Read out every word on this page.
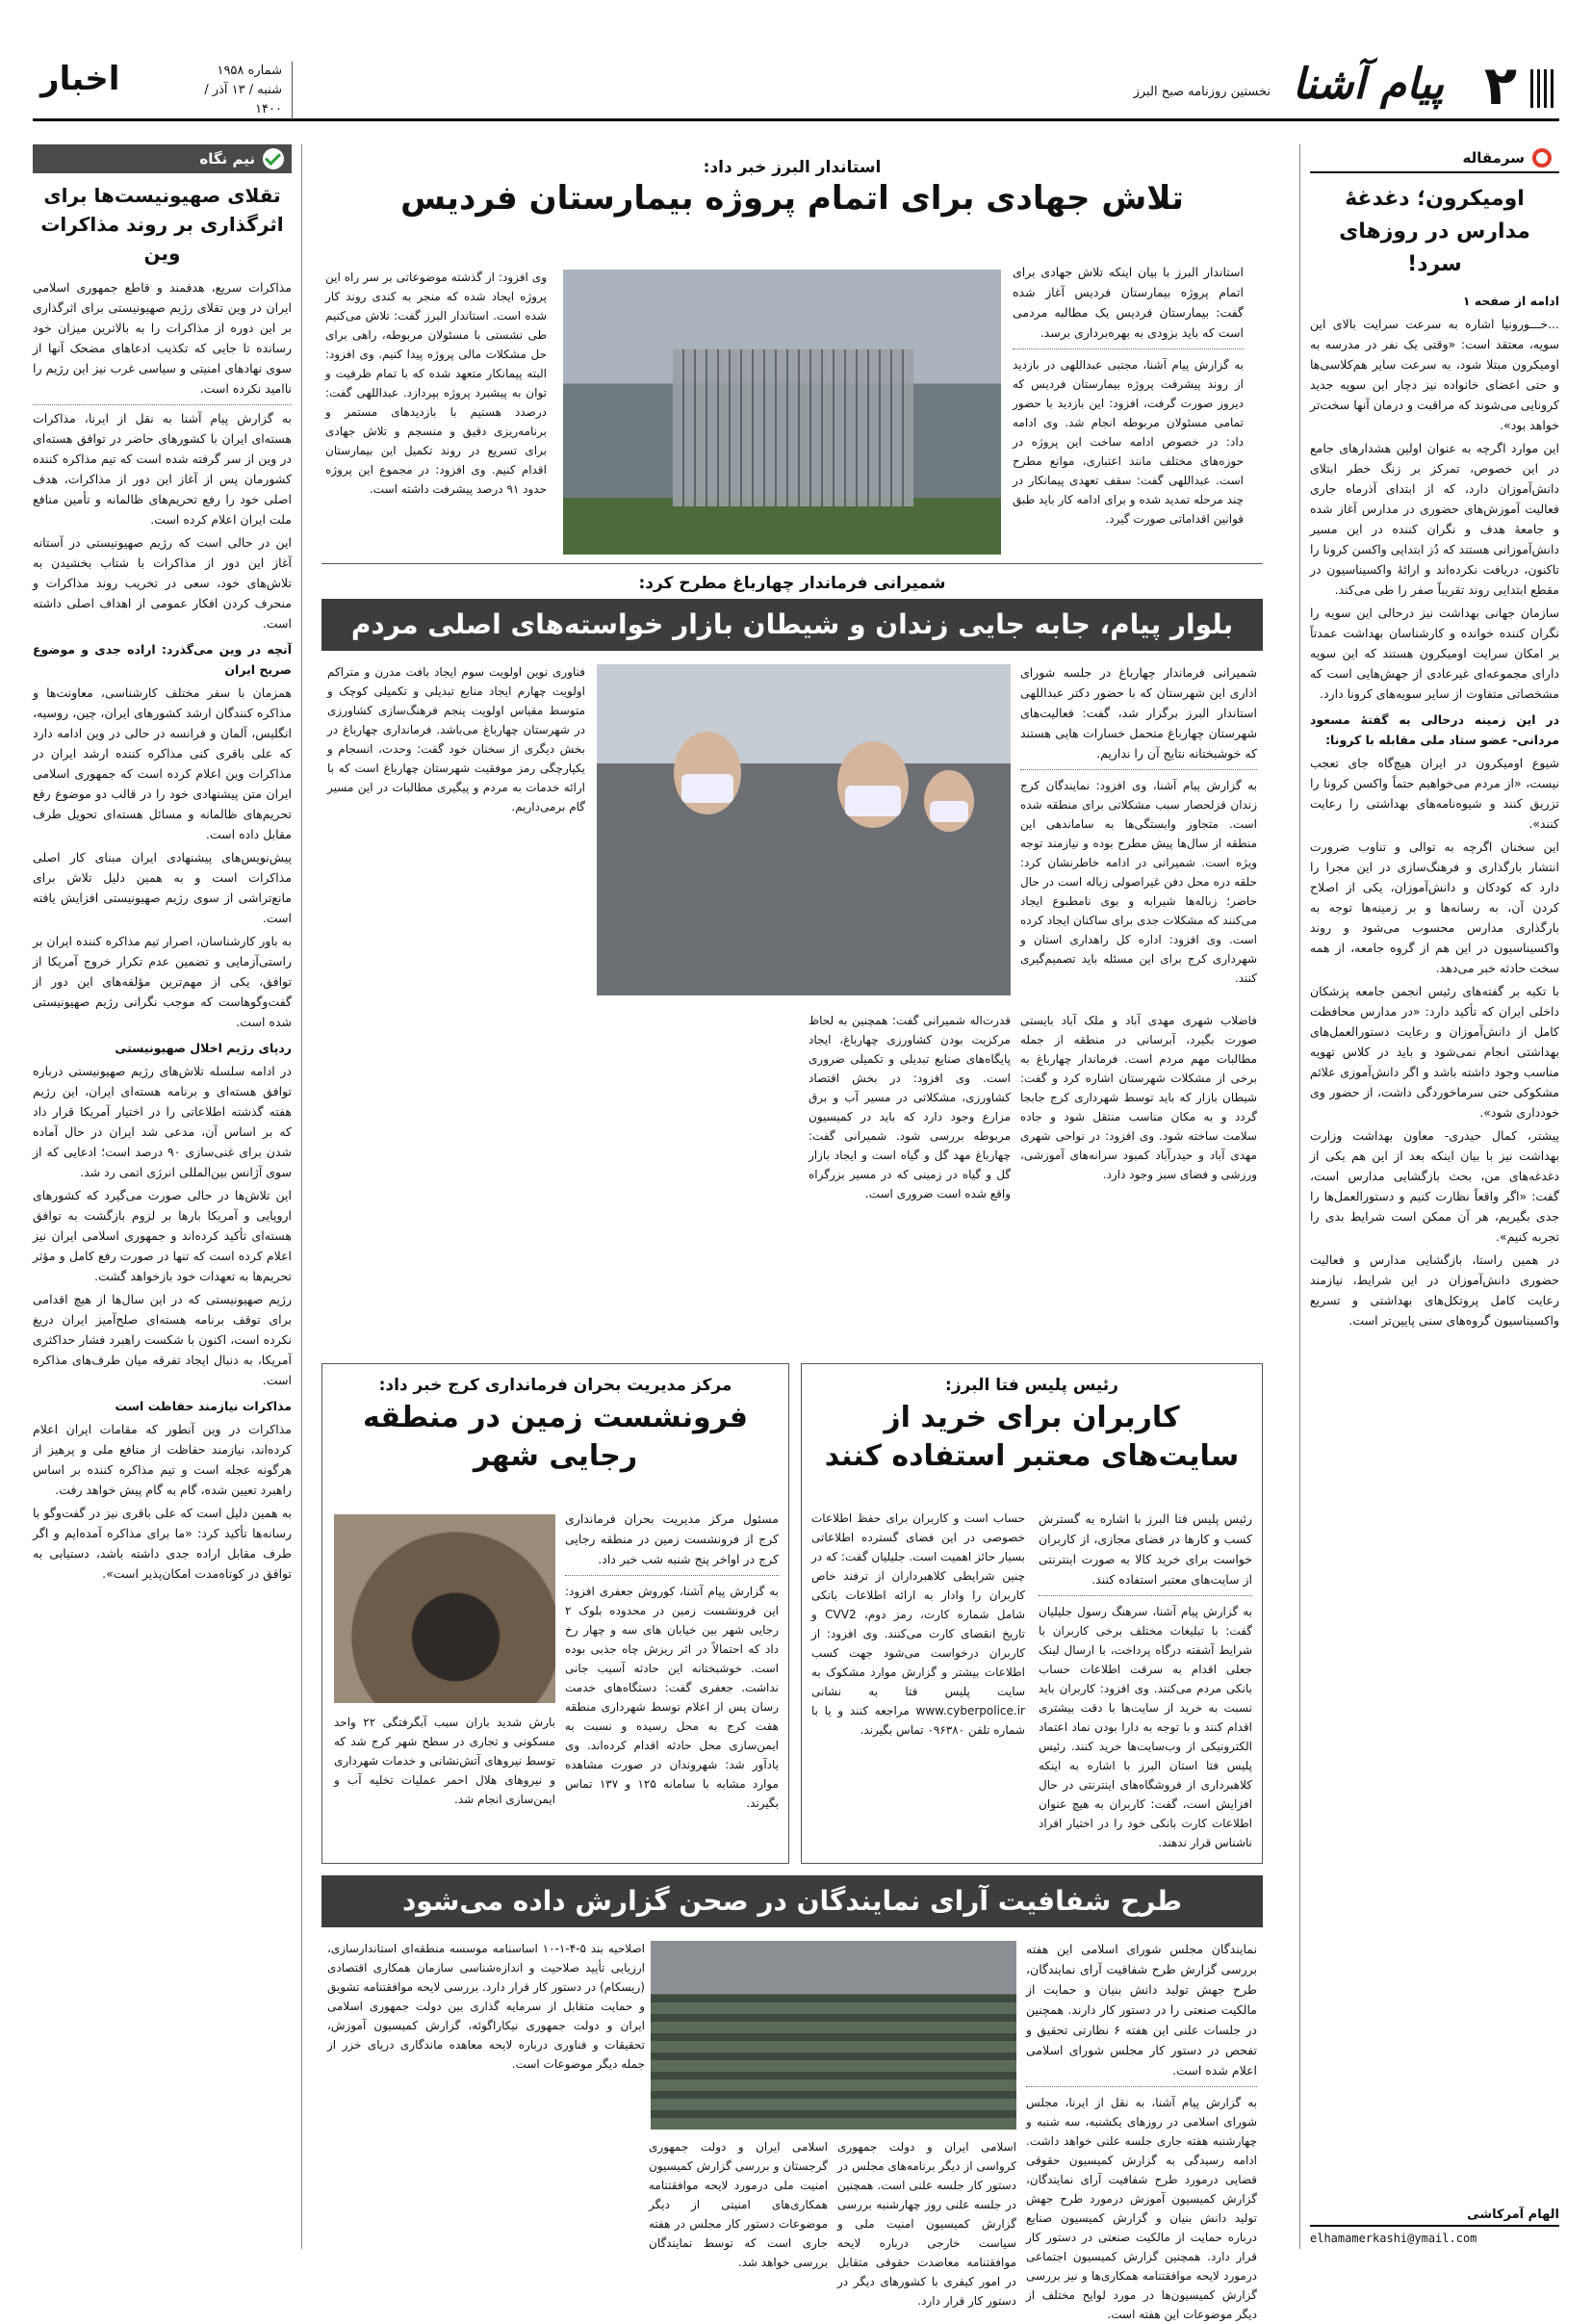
۲
پیام آشنا
نخستین روزنامه صبح البرز
شماره ۱۹۵۸
شنبه / ۱۳ آذر / ۱۴۰۰
اخبار
سرمقاله
اومیکرون؛ دغدغهٔ مدارس در روزهای سرد!

ادامه از صفحه ۱

...خـــورونیا اشاره به سرعت سرایت بالای این سویه، معتقد است: «وقتی یک نفر در مدرسه به اومیکرون مبتلا شود، به سرعت سایر هم‌کلاسی‌ها و حتی اعضای خانواده نیز دچار این سویه جدید کرونایی می‌شوند که مراقبت و درمان آنها سخت‌تر خواهد بود».

این موارد اگرچه به عنوان اولین هشدارهای جامع در این خصوص، تمرکز بر زنگ خطر ابتلای دانش‌آموزان دارد، که از ابتدای آذرماه جاری فعالیت آموزش‌های حضوری در مدارس آغاز شده و جامعهٔ هدف و نگران کننده در این مسیر دانش‌آموزانی هستند که دُز ابتدایی واکسن کرونا را تاکنون، دریافت نکرده‌اند و ارائهٔ واکسیناسیون در مقطع ابتدایی روند تقریباً صفر را طی می‌کند.

سازمان جهانی بهداشت نیز درحالی این سویه را نگران کننده خوانده و کارشناسان بهداشت عمدتاً بر امکان سرایت اومیکرون هستند که این سویه دارای مجموعه‌ای غیرعادی از جهش‌هایی است که مشخصاتی متفاوت از سایر سویه‌های کرونا دارد.

در این زمینه درحالی به گفتهٔ مسعود مردانی- عضو ستاد ملی مقابله با کرونا:

شیوع اومیکرون در ایران هیچ‌گاه جای تعجب نیست، «از مردم می‌خواهیم حتماً واکسن کرونا را تزریق کنند و شیوه‌نامه‌های بهداشتی را رعایت کنند».

این سخنان اگرچه به توالی و تناوب ضرورت انتشار بارگذاری و فرهنگ‌سازی در این مجرا را دارد که کودکان و دانش‌آموزان، یکی از اصلاح کردن آن، به رسانه‌ها و بر زمینه‌ها توجه به بارگذاری مدارس محسوب می‌شود و روند واکسیناسیون در این هم از گروه جامعه، از همه سخت حادثه خبر می‌دهد.

با تکیه بر گفته‌های رئیس انجمن جامعه پزشکان داخلی ایران که تأکید دارد: «در مدارس محافظت کامل از دانش‌آموزان و رعایت دستورالعمل‌های بهداشتی انجام نمی‌شود و باید در کلاس تهویه مناسب وجود داشته باشد و اگر دانش‌آموزی علائم مشکوکی حتی سرماخوردگی داشت، از حضور وی خودداری شود».

پیشتر، کمال حیدری- معاون بهداشت وزارت بهداشت نیز با بیان اینکه بعد از این هم یکی از دغدغه‌های من، بحث بازگشایی مدارس است، گفت: «اگر واقعاً نظارت کنیم و دستورالعمل‌ها را جدی بگیریم، هر آن ممکن است شرایط بدی را تجربه کنیم».

در همین راستا، بازگشایی مدارس و فعالیت حضوری دانش‌آموزان در این شرایط، نیازمند رعایت کامل پروتکل‌های بهداشتی و تسریع واکسیناسیون گروه‌های سنی پایین‌تر است.

الهام آمرکاشی
elhamamerkashi@ymail.com
نیم نگاه
تقلای صهیونیست‌ها برای اثرگذاری بر روند مذاکرات وین

مذاکرات سریع، هدفمند و قاطع جمهوری اسلامی ایران در وین تقلای رژیم صهیونیستی برای اثرگذاری بر این دوره از مذاکرات را به بالاترین میزان خود رسانده تا جایی که تکذیب ادعاهای مضحک آنها از سوی نهادهای امنیتی و سیاسی غرب نیز این رژیم را ناامید نکرده است.

به گزارش پیام آشنا به نقل از ایرنا، مذاکرات هسته‌ای ایران با کشورهای حاضر در توافق هسته‌ای در وین از سر گرفته شده است که تیم مذاکره کننده کشورمان پس از آغاز این دور از مذاکرات، هدف اصلی خود را رفع تحریم‌های ظالمانه و تأمین منافع ملت ایران اعلام کرده است.

این در حالی است که رژیم صهیونیستی در آستانه آغاز این دور از مذاکرات با شتاب بخشیدن به تلاش‌های خود، سعی در تخریب روند مذاکرات و منحرف کردن افکار عمومی از اهداف اصلی داشته است.

آنچه در وین می‌گذرد: اراده جدی و موضوع صریح ایران

همزمان با سفر مختلف کارشناسی، معاونت‌ها و مذاکره کنندگان ارشد کشورهای ایران، چین، روسیه، انگلیس، آلمان و فرانسه در حالی در وین ادامه دارد که علی باقری کنی مذاکره کننده ارشد ایران در مذاکرات وین اعلام کرده است که جمهوری اسلامی ایران متن پیشنهادی خود را در قالب دو موضوع رفع تحریم‌های ظالمانه و مسائل هسته‌ای تحویل طرف مقابل داده است.

پیش‌نویس‌های پیشنهادی ایران مبنای کار اصلی مذاکرات است و به همین دلیل تلاش برای مانع‌تراشی از سوی رژیم صهیونیستی افزایش یافته است.

به باور کارشناسان، اصرار تیم مذاکره کننده ایران بر راستی‌آزمایی و تضمین عدم تکرار خروج آمریکا از توافق، یکی از مهم‌ترین مؤلفه‌های این دور از گفت‌وگوهاست که موجب نگرانی رژیم صهیونیستی شده است.

ردپای رژیم اخلال صهیونیستی

در ادامه سلسله تلاش‌های رژیم صهیونیستی درباره توافق هسته‌ای و برنامه هسته‌ای ایران، این رژیم هفته گذشته اطلاعاتی را در اختیار آمریکا قرار داد که بر اساس آن، مدعی شد ایران در حال آماده شدن برای غنی‌سازی ۹۰ درصد است؛ ادعایی که از سوی آژانس بین‌المللی انرژی اتمی رد شد.

این تلاش‌ها در حالی صورت می‌گیرد که کشورهای اروپایی و آمریکا بارها بر لزوم بازگشت به توافق هسته‌ای تأکید کرده‌اند و جمهوری اسلامی ایران نیز اعلام کرده است که تنها در صورت رفع کامل و مؤثر تحریم‌ها به تعهدات خود بازخواهد گشت.

رژیم صهیونیستی که در این سال‌ها از هیچ اقدامی برای توقف برنامه هسته‌ای صلح‌آمیز ایران دریغ نکرده است، اکنون با شکست راهبرد فشار حداکثری آمریکا، به دنبال ایجاد تفرقه میان طرف‌های مذاکره است.

مذاکرات نیازمند حفاظت است

مذاکرات در وین آنطور که مقامات ایران اعلام کرده‌اند، نیازمند حفاظت از منافع ملی و پرهیز از هرگونه عجله است و تیم مذاکره کننده بر اساس راهبرد تعیین شده، گام به گام پیش خواهد رفت.

به همین دلیل است که علی باقری نیز در گفت‌وگو با رسانه‌ها تأکید کرد: «ما برای مذاکره آمده‌ایم و اگر طرف مقابل اراده جدی داشته باشد، دستیابی به توافق در کوتاه‌مدت امکان‌پذیر است».

استاندار البرز خبر داد:
تلاش جهادی برای اتمام پروژه بیمارستان فردیس

استاندار البرز با بیان اینکه تلاش جهادی برای اتمام پروژه بیمارستان فردیس آغاز شده گفت: بیمارستان فردیس یک مطالبه مردمی است که باید بزودی به بهره‌برداری برسد.

به گزارش پیام آشنا، مجتبی عبداللهی در بازدید از روند پیشرفت پروژه بیمارستان فردیس که دیروز صورت گرفت، افزود: این بازدید با حضور تمامی مسئولان مربوطه انجام شد. وی ادامه داد: در خصوص ادامه ساخت این پروژه در حوزه‌های مختلف مانند اعتباری، موانع مطرح است. عبداللهی گفت: سقف تعهدی پیمانکار در چند مرحله تمدید شده و برای ادامه کار باید طبق قوانین اقداماتی صورت گیرد.

وی افزود: از گذشته موضوعاتی بر سر راه این پروژه ایجاد شده که منجر به کندی روند کار شده است. استاندار البرز گفت: تلاش می‌کنیم طی نشستی با مسئولان مربوطه، راهی برای حل مشکلات مالی پروژه پیدا کنیم. وی افزود: البته پیمانکار متعهد شده که با تمام ظرفیت و توان به پیشبرد پروژه بپردازد. عبداللهی گفت: درصدد هستیم با بازدیدهای مستمر و برنامه‌ریزی دقیق و منسجم و تلاش جهادی برای تسریع در روند تکمیل این بیمارستان اقدام کنیم. وی افزود: در مجموع این پروژه حدود ۹۱ درصد پیشرفت داشته است.

شمیرانی فرماندار چهارباغ مطرح کرد:
بلوار پیام، جابه جایی زندان و شیطان بازار خواسته‌های اصلی مردم

شمیرانی فرماندار چهارباغ در جلسه شورای اداری این شهرستان که با حضور دکتر عبداللهی استاندار البرز برگزار شد، گفت: فعالیت‌های شهرستان چهارباغ متحمل خسارات هایی هستند که خوشبختانه نتایج آن را نداریم.

به گزارش پیام آشنا، وی افزود: نمایندگان کرج زندان قزلحصار سبب مشکلاتی برای منطقه شده است. متجاوز وابستگی‌ها به ساماندهی این منطقه از سال‌ها پیش مطرح بوده و نیازمند توجه ویژه است. شمیرانی در ادامه خاطرنشان کرد: حلقه دره محل دفن غیراصولی زباله است در حال حاضر؛ زباله‌ها شیرابه و بوی نامطبوع ایجاد می‌کنند که مشکلات جدی برای ساکنان ایجاد کرده است. وی افزود: اداره کل راهداری استان و شهرداری کرج برای این مسئله باید تصمیم‌گیری کنند.

فناوری نوین اولویت سوم ایجاد بافت مدرن و متراکم اولویت چهارم ایجاد منابع تبدیلی و تکمیلی کوچک و متوسط مقیاس اولویت پنجم فرهنگ‌سازی کشاورزی در شهرستان چهارباغ می‌باشد. فرمانداری چهارباغ در بخش دیگری از سخنان خود گفت: وحدت، انسجام و یکپارچگی رمز موفقیت شهرستان چهارباغ است که با ارائه خدمات به مردم و پیگیری مطالبات در این مسیر گام برمی‌داریم.

فاضلاب شهری مهدی آباد و ملک آباد بایستی صورت بگیرد، آبرسانی در منطقه از جمله مطالبات مهم مردم است. فرماندار چهارباغ به برخی از مشکلات شهرستان اشاره کرد و گفت: شیطان بازار که باید توسط شهرداری کرج جابجا گردد و به مکان مناسب منتقل شود و جاده سلامت ساخته شود. وی افزود: در نواحی شهری مهدی آباد و حیدرآباد کمبود سرانه‌های آموزشی، ورزشی و فضای سبز وجود دارد.

قدرت‌اله شمیرانی گفت: همچنین به لحاظ مرکزیت بودن کشاورزی چهارباغ، ایجاد پایگاه‌های صنایع تبدیلی و تکمیلی ضروری است. وی افزود: در بخش اقتصاد کشاورزی، مشکلاتی در مسیر آب و برق مزارع وجود دارد که باید در کمیسیون مربوطه بررسی شود. شمیرانی گفت: چهارباغ مهد گل و گیاه است و ایجاد بازار گل و گیاه در زمینی که در مسیر بزرگراه واقع شده است ضروری است.

رئیس پلیس فتا البرز:
کاربران برای خرید از سایت‌های معتبر استفاده کنند

رئیس پلیس فتا البرز با اشاره به گسترش کسب و کارها در فضای مجازی، از کاربران خواست برای خرید کالا به صورت اینترنتی از سایت‌های معتبر استفاده کنند.

به گزارش پیام آشنا، سرهنگ رسول جلیلیان گفت: با تبلیغات مختلف برخی کاربران با شرایط آشفته درگاه پرداخت، با ارسال لینک جعلی اقدام به سرقت اطلاعات حساب بانکی مردم می‌کنند. وی افزود: کاربران باید نسبت به خرید از سایت‌ها با دقت بیشتری اقدام کنند و با توجه به دارا بودن نماد اعتماد الکترونیکی از وب‌سایت‌ها خرید کنند. رئیس پلیس فتا استان البرز با اشاره به اینکه کلاهبرداری از فروشگاه‌های اینترنتی در حال افزایش است، گفت: کاربران به هیچ عنوان اطلاعات کارت بانکی خود را در اختیار افراد ناشناس قرار ندهند.

حساب است و کاربران برای حفظ اطلاعات خصوصی در این فضای گسترده اطلاعاتی بسیار حائز اهمیت است. جلیلیان گفت: که در چنین شرایطی کلاهبرداران از ترفند خاص کاربران را وادار به ارائه اطلاعات بانکی شامل شماره کارت، رمز دوم، CVV2 و تاریخ انقضای کارت می‌کنند. وی افزود: از کاربران درخواست می‌شود جهت کسب اطلاعات بیشتر و گزارش موارد مشکوک به سایت پلیس فتا به نشانی www.cyberpolice.ir مراجعه کنند و یا با شماره تلفن ۰۹۶۳۸۰ تماس بگیرند.

مرکز مدیریت بحران فرمانداری کرج خبر داد:
فرونشست زمین در منطقه رجایی شهر

مسئول مرکز مدیریت بحران فرمانداری کرج از فرونشست زمین در منطقه رجایی کرج در اواخر پنج شنبه شب خبر داد.

به گزارش پیام آشنا، کوروش جعفری افزود: این فرونشست زمین در محدوده بلوک ۲ رجایی شهر بین خیابان های سه و چهار رخ داد که احتمالاً در اثر ریزش چاه جذبی بوده است. خوشبختانه این حادثه آسیب جانی نداشت. جعفری گفت: دستگاه‌های خدمت رسان پس از اعلام توسط شهرداری منطقه هفت کرج به محل رسیده و نسبت به ایمن‌سازی محل حادثه اقدام کرده‌اند. وی یادآور شد: شهروندان در صورت مشاهده موارد مشابه با سامانه ۱۲۵ و ۱۳۷ تماس بگیرند.

بارش شدید باران سبب آبگرفتگی ۲۲ واحد مسکونی و تجاری در سطح شهر کرج شد که توسط نیروهای آتش‌نشانی و خدمات شهرداری و نیروهای هلال احمر عملیات تخلیه آب و ایمن‌سازی انجام شد.

طرح شفافیت آرای نمایندگان در صحن گزارش داده می‌شود

نمایندگان مجلس شورای اسلامی این هفته بررسی گزارش طرح شفافیت آرای نمایندگان، طرح جهش تولید دانش بنیان و حمایت از مالکیت صنعتی را در دستور کار دارند. همچنین در جلسات علنی این هفته ۶ نظارتی تحقیق و تفحص در دستور کار مجلس شورای اسلامی اعلام شده است.

به گزارش پیام آشنا، به نقل از ایرنا، مجلس شورای اسلامی در روزهای یکشنبه، سه شنبه و چهارشنبه هفته جاری جلسه علنی خواهد داشت. ادامه رسیدگی به گزارش کمیسیون حقوقی قضایی درمورد طرح شفافیت آرای نمایندگان، گزارش کمیسیون آموزش درمورد طرح جهش تولید دانش بنیان و گزارش کمیسیون صنایع درباره حمایت از مالکیت صنعتی در دستور کار قرار دارد. همچنین گزارش کمیسیون اجتماعی درمورد لایحه موافقتنامه همکاری‌ها و نیز بررسی گزارش کمیسیون‌ها در مورد لوایح مختلف از دیگر موضوعات این هفته است.

اصلاحیه بند ۵-۴-۱-۱۰ اساسنامه موسسه منطقه‌ای استاندار‌سازی، ارزیابی تأیید صلاحیت و اندازه‌شناسی سازمان همکاری اقتصادی (ریسکام) در دستور کار قرار دارد. بررسی لایحه موافقتنامه تشویق و حمایت متقابل از سرمایه گذاری بین دولت جمهوری اسلامی ایران و دولت جمهوری نیکاراگوئه، گزارش کمیسیون آموزش، تحقیقات و فناوری درباره لایحه معاهده ماندگاری دریای خزر از جمله دیگر موضوعات است.

اسلامی ایران و دولت جمهوری کرواسی از دیگر برنامه‌های مجلس در دستور کار جلسه علنی است. همچنین در جلسه علنی روز چهارشنبه بررسی گزارش کمیسیون امنیت ملی و سیاست خارجی درباره لایحه موافقتنامه معاضدت حقوقی متقابل در امور کیفری با کشورهای دیگر در دستور کار قرار دارد.

اسلامی ایران و دولت جمهوری گرجستان و بررسی گزارش کمیسیون امنیت ملی درمورد لایحه موافقتنامه همکاری‌های امنیتی از دیگر موضوعات دستور کار مجلس در هفته جاری است که توسط نمایندگان بررسی خواهد شد.
